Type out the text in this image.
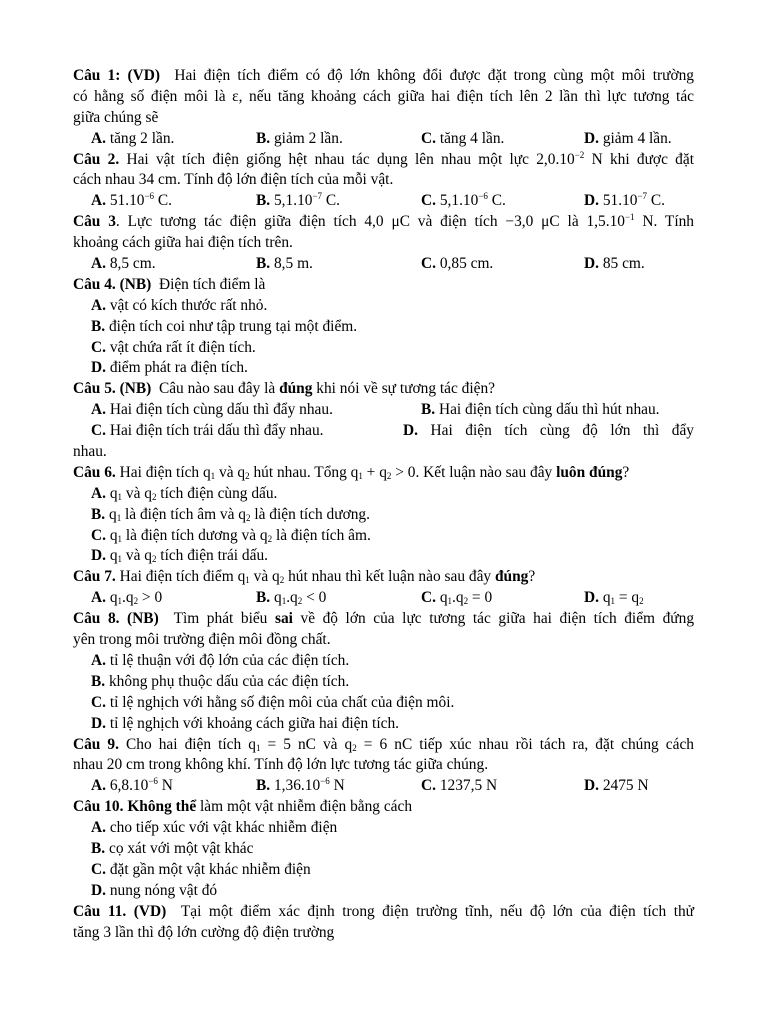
Câu 1: (VD) Hai điện tích điểm có độ lớn không đổi được đặt trong cùng một môi trường
có hằng số điện môi là ε, nếu tăng khoảng cách giữa hai điện tích lên 2 lần thì lực tương tác
giữa chúng sẽ
A. tăng 2 lần.	B. giảm 2 lần.	C. tăng 4 lần.	D. giảm 4 lần.
Câu 2. Hai vật tích điện giống hệt nhau tác dụng lên nhau một lực $2,0.10^{-2}$ N khi được đặt
cách nhau 34 cm. Tính độ lớn điện tích của mỗi vật.
A. $51.10^{-6}$ C.	B. $5,1.10^{-7}$ C.	C. $5,1.10^{-6}$ C.	D. $51.10^{-7}$ C.
Câu 3. Lực tương tác điện giữa điện tích 4,0 μC và điện tích −3,0 μC là $1,5.10^{-1}$ N. Tính
khoảng cách giữa hai điện tích trên.
A. 8,5 cm.	B. 8,5 m.	C. 0,85 cm.	D. 85 cm.
Câu 4. (NB) Điện tích điểm là
A. vật có kích thước rất nhỏ.
B. điện tích coi như tập trung tại một điểm.
C. vật chứa rất ít điện tích.
D. điểm phát ra điện tích.
Câu 5. (NB) Câu nào sau đây là đúng khi nói về sự tương tác điện?
A. Hai điện tích cùng dấu thì đẩy nhau.	B. Hai điện tích cùng dấu thì hút nhau.
C. Hai điện tích trái dấu thì đẩy nhau.	D. Hai điện tích cùng độ lớn thì đẩy
nhau.
Câu 6. Hai điện tích $q_1$ và $q_2$ hút nhau. Tổng $q_1 + q_2 > 0$. Kết luận nào sau đây luôn đúng?
A. $q_1$ và $q_2$ tích điện cùng dấu.
B. $q_1$ là điện tích âm và $q_2$ là điện tích dương.
C. $q_1$ là điện tích dương và $q_2$ là điện tích âm.
D. $q_1$ và $q_2$ tích điện trái dấu.
Câu 7. Hai điện tích điểm $q_1$ và $q_2$ hút nhau thì kết luận nào sau đây đúng?
A. $q_1.q_2 > 0$	B. $q_1.q_2 < 0$	C. $q_1.q_2 = 0$	D. $q_1 = q_2$
Câu 8. (NB) Tìm phát biểu sai về độ lớn của lực tương tác giữa hai điện tích điểm đứng
yên trong môi trường điện môi đồng chất.
A. tỉ lệ thuận với độ lớn của các điện tích.
B. không phụ thuộc dấu của các điện tích.
C. tỉ lệ nghịch với hằng số điện môi của chất của điện môi.
D. tỉ lệ nghịch với khoảng cách giữa hai điện tích.
Câu 9. Cho hai điện tích $q_1 = 5$ nC và $q_2 = 6$ nC tiếp xúc nhau rồi tách ra, đặt chúng cách
nhau 20 cm trong không khí. Tính độ lớn lực tương tác giữa chúng.
A. $6,8.10^{-6}$ N	B. $1,36.10^{-6}$ N	C. 1237,5 N	D. 2475 N
Câu 10. Không thể làm một vật nhiễm điện bằng cách
A. cho tiếp xúc với vật khác nhiễm điện
B. cọ xát với một vật khác
C. đặt gần một vật khác nhiễm điện
D. nung nóng vật đó
Câu 11. (VD) Tại một điểm xác định trong điện trường tĩnh, nếu độ lớn của điện tích thử
tăng 3 lần thì độ lớn cường độ điện trường
